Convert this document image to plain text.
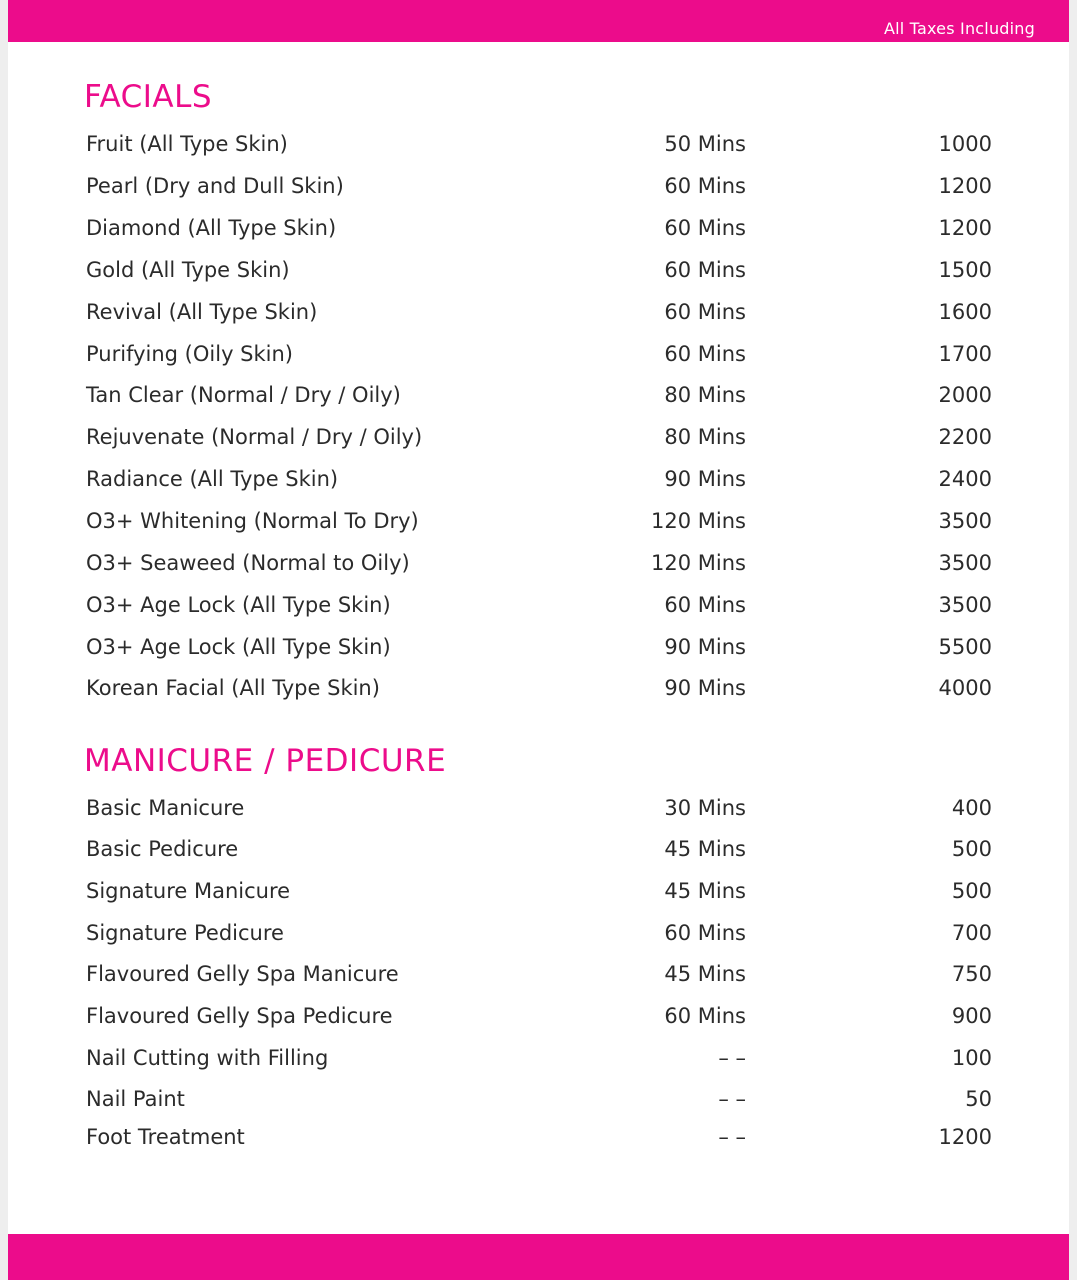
All Taxes Including
FACIALS
Fruit (All Type Skin)	50 Mins	1000
Pearl (Dry and Dull Skin)	60 Mins	1200
Diamond (All Type Skin)	60 Mins	1200
Gold (All Type Skin)	60 Mins	1500
Revival (All Type Skin)	60 Mins	1600
Purifying (Oily Skin)	60 Mins	1700
Tan Clear (Normal / Dry / Oily)	80 Mins	2000
Rejuvenate (Normal / Dry / Oily)	80 Mins	2200
Radiance (All Type Skin)	90 Mins	2400
O3+ Whitening (Normal To Dry)	120 Mins	3500
O3+ Seaweed (Normal to Oily)	120 Mins	3500
O3+ Age Lock (All Type Skin)	60 Mins	3500
O3+ Age Lock (All Type Skin)	90 Mins	5500
Korean Facial (All Type Skin)	90 Mins	4000
MANICURE / PEDICURE
Basic Manicure	30 Mins	400
Basic Pedicure	45 Mins	500
Signature Manicure	45 Mins	500
Signature Pedicure	60 Mins	700
Flavoured Gelly Spa Manicure	45 Mins	750
Flavoured Gelly Spa Pedicure	60 Mins	900
Nail Cutting with Filling	– –	100
Nail Paint	– –	50
Foot Treatment	– –	1200
